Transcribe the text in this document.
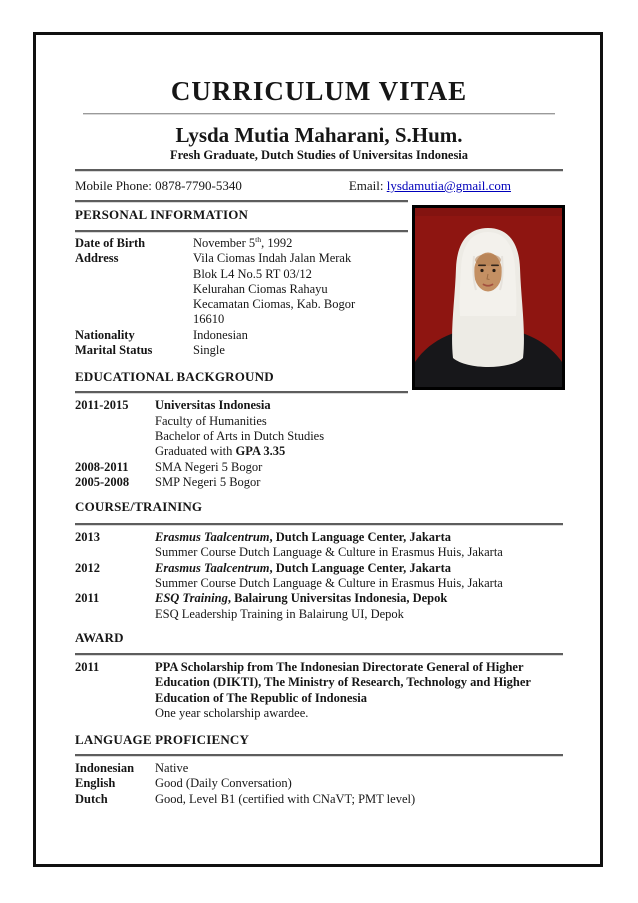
CURRICULUM VITAE
Lysda Mutia Maharani, S.Hum.
Fresh Graduate, Dutch Studies of Universitas Indonesia
Mobile Phone: 0878-7790-5340	Email: lysdamutia@gmail.com
PERSONAL INFORMATION
Date of Birth	November 5th, 1992
Address	Vila Ciomas Indah Jalan Merak
Blok L4 No.5 RT 03/12
Kelurahan Ciomas Rahayu
Kecamatan Ciomas, Kab. Bogor
16610
Nationality	Indonesian
Marital Status	Single
EDUCATIONAL BACKGROUND
2011-2015	Universitas Indonesia
Faculty of Humanities
Bachelor of Arts in Dutch Studies
Graduated with GPA 3.35
2008-2011	SMA Negeri 5 Bogor
2005-2008	SMP Negeri 5 Bogor
COURSE/TRAINING
2013	Erasmus Taalcentrum, Dutch Language Center, Jakarta
Summer Course Dutch Language & Culture in Erasmus Huis, Jakarta
2012	Erasmus Taalcentrum, Dutch Language Center, Jakarta
Summer Course Dutch Language & Culture in Erasmus Huis, Jakarta
2011	ESQ Training, Balairung Universitas Indonesia, Depok
ESQ Leadership Training in Balairung UI, Depok
AWARD
2011	PPA Scholarship from The Indonesian Directorate General of Higher
Education (DIKTI), The Ministry of Research, Technology and Higher
Education of The Republic of Indonesia
One year scholarship awardee.
LANGUAGE PROFICIENCY
Indonesian	Native
English	Good (Daily Conversation)
Dutch	Good, Level B1 (certified with CNaVT; PMT level)
